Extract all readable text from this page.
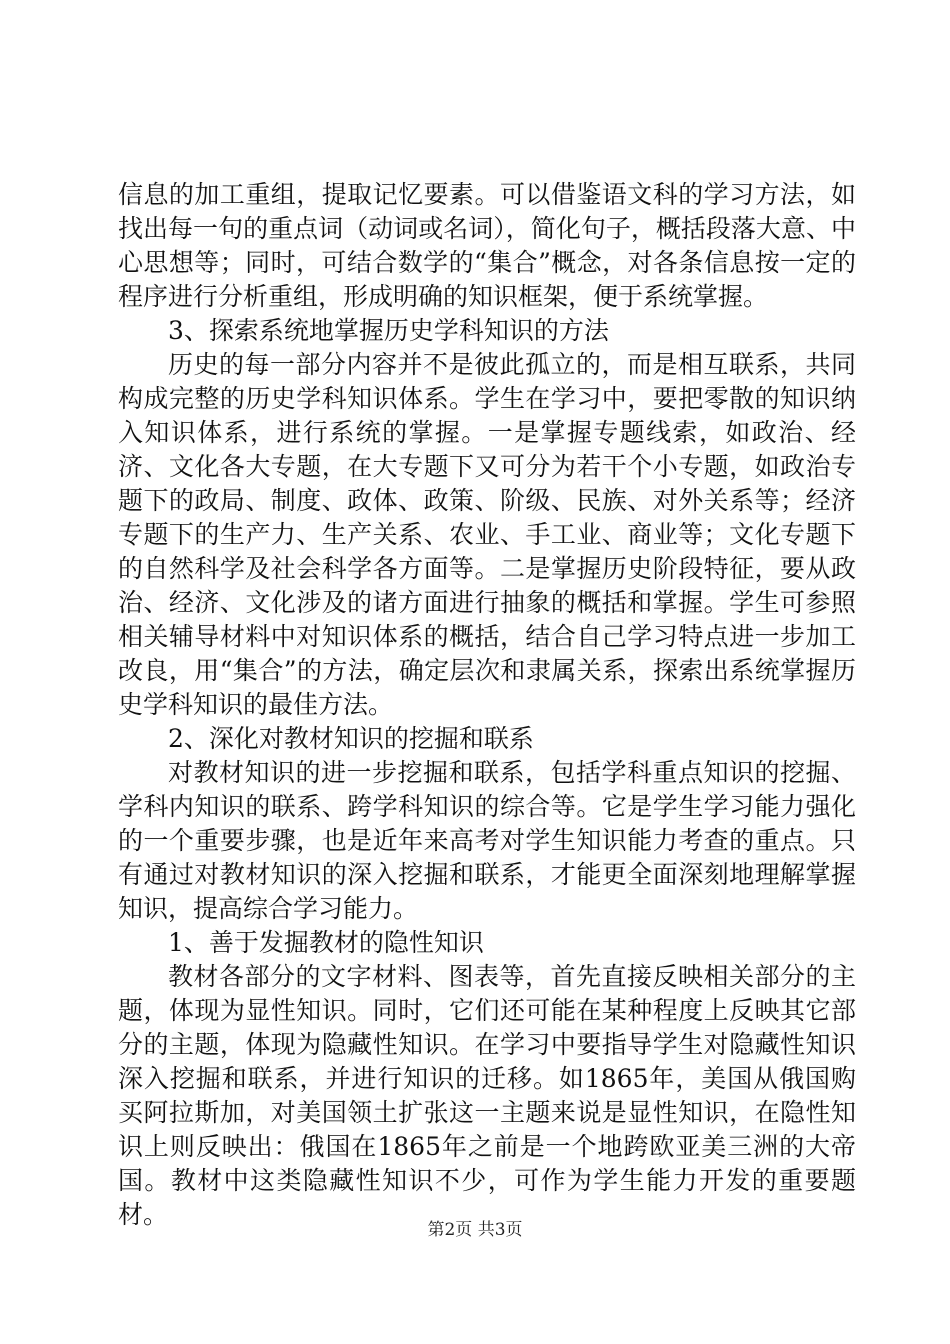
信息的加工重组，提取记忆要素。可以借鉴语文科的学习方法，如找出每一句的重点词（动词或名词），简化句子，概括段落大意、中心思想等；同时，可结合数学的“集合”概念，对各条信息按一定的程序进行分析重组，形成明确的知识框架，便于系统掌握。

3、探索系统地掌握历史学科知识的方法

历史的每一部分内容并不是彼此孤立的，而是相互联系，共同构成完整的历史学科知识体系。学生在学习中，要把零散的知识纳入知识体系，进行系统的掌握。一是掌握专题线索，如政治、经济、文化各大专题，在大专题下又可分为若干个小专题，如政治专题下的政局、制度、政体、政策、阶级、民族、对外关系等；经济专题下的生产力、生产关系、农业、手工业、商业等；文化专题下的自然科学及社会科学各方面等。二是掌握历史阶段特征，要从政治、经济、文化涉及的诸方面进行抽象的概括和掌握。学生可参照相关辅导材料中对知识体系的概括，结合自己学习特点进一步加工改良，用“集合”的方法，确定层次和隶属关系，探索出系统掌握历史学科知识的最佳方法。

2、深化对教材知识的挖掘和联系

对教材知识的进一步挖掘和联系，包括学科重点知识的挖掘、学科内知识的联系、跨学科知识的综合等。它是学生学习能力强化的一个重要步骤，也是近年来高考对学生知识能力考查的重点。只有通过对教材知识的深入挖掘和联系，才能更全面深刻地理解掌握知识，提高综合学习能力。

1、善于发掘教材的隐性知识

教材各部分的文字材料、图表等，首先直接反映相关部分的主题，体现为显性知识。同时，它们还可能在某种程度上反映其它部分的主题，体现为隐藏性知识。在学习中要指导学生对隐藏性知识深入挖掘和联系，并进行知识的迁移。如1865年，美国从俄国购买阿拉斯加，对美国领土扩张这一主题来说是显性知识，在隐性知识上则反映出：俄国在1865年之前是一个地跨欧亚美三洲的大帝国。教材中这类隐藏性知识不少，可作为学生能力开发的重要题材。

第2页 共3页
